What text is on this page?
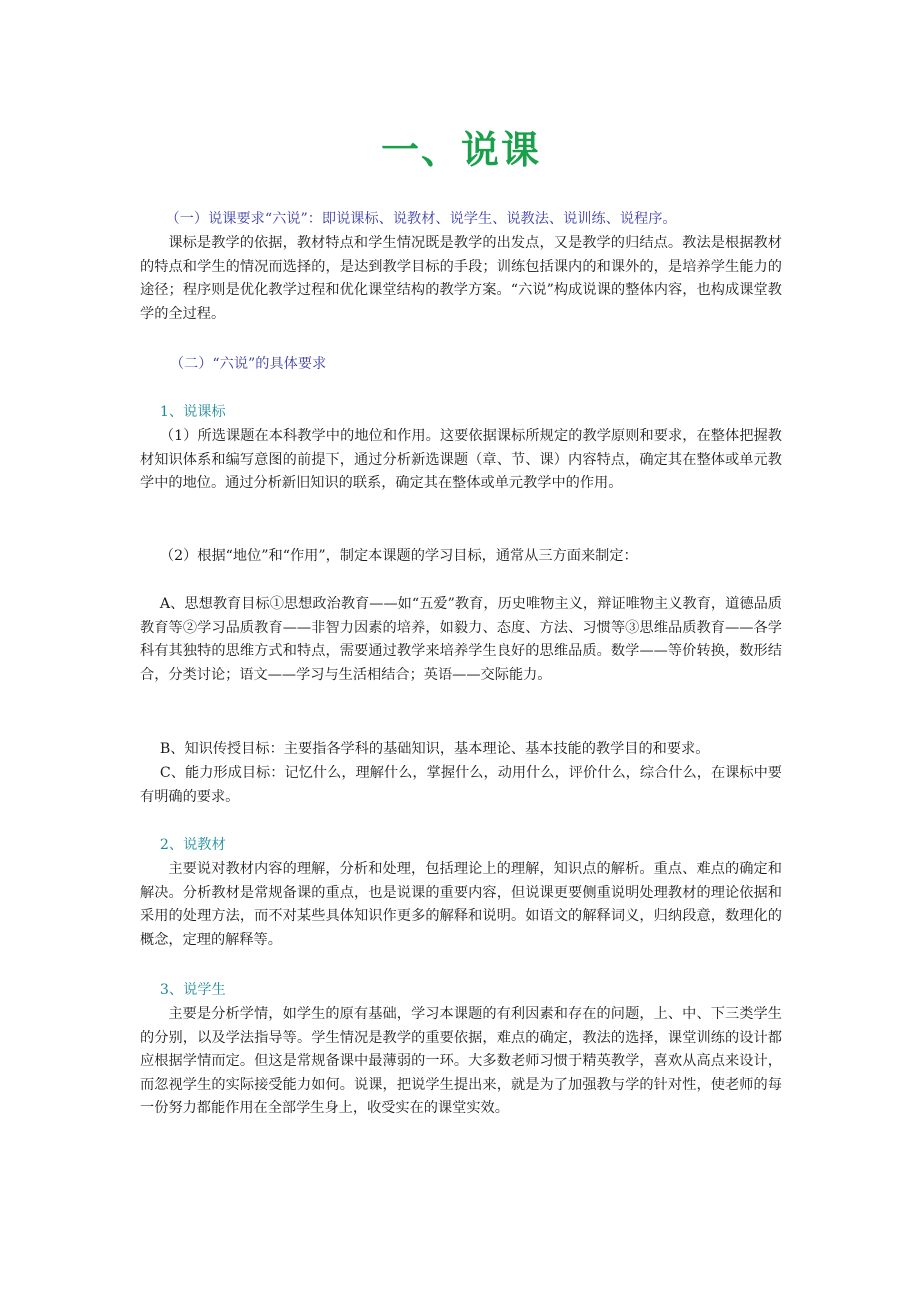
一、说课
（一）说课要求“六说”：即说课标、说教材、说学生、说教法、说训练、说程序。
课标是教学的依据，教材特点和学生情况既是教学的出发点，又是教学的归结点。教法是根据教材的特点和学生的情况而选择的，是达到教学目标的手段；训练包括课内的和课外的，是培养学生能力的途径；程序则是优化教学过程和优化课堂结构的教学方案。“六说”构成说课的整体内容，也构成课堂教学的全过程。
（二）“六说”的具体要求
1、说课标
（1）所选课题在本科教学中的地位和作用。这要依据课标所规定的教学原则和要求，在整体把握教材知识体系和编写意图的前提下，通过分析新选课题（章、节、课）内容特点，确定其在整体或单元教学中的地位。通过分析新旧知识的联系，确定其在整体或单元教学中的作用。
（2）根据“地位”和“作用”，制定本课题的学习目标，通常从三方面来制定：
A、思想教育目标①思想政治教育——如“五爱”教育，历史唯物主义，辩证唯物主义教育，道德品质教育等②学习品质教育——非智力因素的培养，如毅力、态度、方法、习惯等③思维品质教育——各学科有其独特的思维方式和特点，需要通过教学来培养学生良好的思维品质。数学——等价转换，数形结合，分类讨论；语文——学习与生活相结合；英语——交际能力。
B、知识传授目标：主要指各学科的基础知识，基本理论、基本技能的教学目的和要求。
C、能力形成目标：记忆什么，理解什么，掌握什么，动用什么，评价什么，综合什么，在课标中要有明确的要求。
2、说教材
主要说对教材内容的理解，分析和处理，包括理论上的理解，知识点的解析。重点、难点的确定和解决。分析教材是常规备课的重点，也是说课的重要内容，但说课更要侧重说明处理教材的理论依据和采用的处理方法，而不对某些具体知识作更多的解释和说明。如语文的解释词义，归纳段意，数理化的概念，定理的解释等。
3、说学生
主要是分析学情，如学生的原有基础，学习本课题的有利因素和存在的问题，上、中、下三类学生的分别，以及学法指导等。学生情况是教学的重要依据，难点的确定，教法的选择，课堂训练的设计都应根据学情而定。但这是常规备课中最薄弱的一环。大多数老师习惯于精英教学，喜欢从高点来设计，而忽视学生的实际接受能力如何。说课，把说学生提出来，就是为了加强教与学的针对性，使老师的每一份努力都能作用在全部学生身上，收受实在的课堂实效。
